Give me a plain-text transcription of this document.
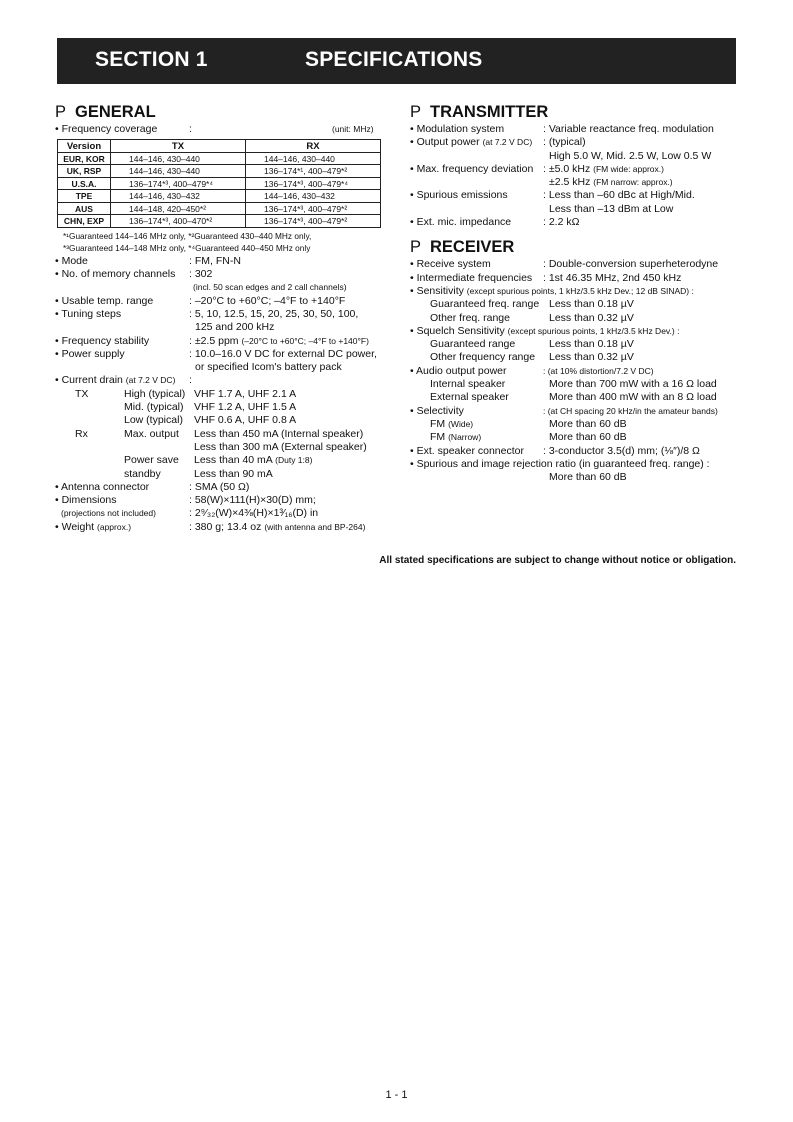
SECTION 1	SPECIFICATIONS
P GENERAL
• Frequency coverage	:	(unit: MHz)
Version	TX	RX
EUR, KOR	144–146, 430–440	144–146, 430–440
UK, RSP	144–146, 430–440	136–174*¹, 400–479*²
U.S.A.	136–174*³, 400–479*⁴	136–174*³, 400–479*⁴
TPE	144–146, 430–432	144–146, 430–432
AUS	144–148, 420–450*²	136–174*³, 400–479*²
CHN, EXP	136–174*³, 400–470*²	136–174*³, 400–479*²
*¹Guaranteed 144–146 MHz only, *²Guaranteed 430–440 MHz only,
*³Guaranteed 144–148 MHz only, *⁴Guaranteed 440–450 MHz only
• Mode	: FM, FN-N
• No. of memory channels : 302
(incl. 50 scan edges and 2 call channels)
• Usable temp. range	: –20°C to +60°C; –4°F to +140°F
• Tuning steps	: 5, 10, 12.5, 15, 20, 25, 30, 50, 100,
125 and 200 kHz
• Frequency stability	: ±2.5 ppm (–20°C to +60°C; –4°F to +140°F)
• Power supply	: 10.0–16.0 V DC for external DC power,
or specified Icom's battery pack
• Current drain (at 7.2 V DC) :
TX	High (typical) VHF 1.7 A, UHF 2.1 A
Mid. (typical) VHF 1.2 A, UHF 1.5 A
Low (typical) VHF 0.6 A, UHF 0.8 A
Rx	Max. output Less than 450 mA (Internal speaker)
Less than 300 mA (External speaker)
Power save Less than 40 mA (Duty 1:8)
standby	Less than 90 mA
• Antenna connector	: SMA (50 Ω)
• Dimensions	: 58(W)×111(H)×30(D) mm;
(projections not included)	: 2⁹⁄₃₂(W)×4⅜(H)×1³⁄₁₆(D) in
• Weight (approx.)	: 380 g; 13.4 oz (with antenna and BP-264)
P TRANSMITTER
• Modulation system	: Variable reactance freq. modulation
• Output power (at 7.2 V DC) : (typical)
High 5.0 W, Mid. 2.5 W, Low 0.5 W
• Max. frequency deviation : ±5.0 kHz (FM wide: approx.)
±2.5 kHz (FM narrow: approx.)
• Spurious emissions	: Less than –60 dBc at High/Mid.
Less than –13 dBm at Low
• Ext. mic. impedance	: 2.2 kΩ
P RECEIVER
• Receive system	: Double-conversion superheterodyne
• Intermediate frequencies : 1st 46.35 MHz, 2nd 450 kHz
• Sensitivity (except spurious points, 1 kHz/3.5 kHz Dev.; 12 dB SINAD) :
Guaranteed freq. range Less than 0.18 µV
Other freq. range	Less than 0.32 µV
• Squelch Sensitivity (except spurious points, 1 kHz/3.5 kHz Dev.) :
Guaranteed range	Less than 0.18 µV
Other frequency range Less than 0.32 µV
• Audio output power	: (at 10% distortion/7.2 V DC)
Internal speaker	More than 700 mW with a 16 Ω load
External speaker	More than 400 mW with an 8 Ω load
• Selectivity	: (at CH spacing 20 kHz/in the amateur bands)
FM (Wide)	More than 60 dB
FM (Narrow)	More than 60 dB
• Ext. speaker connector : 3-conductor 3.5(d) mm; (⅛″)/8 Ω
• Spurious and image rejection ratio (in guaranteed freq. range) :
More than 60 dB
All stated specifications are subject to change without notice or obligation.
1 - 1
